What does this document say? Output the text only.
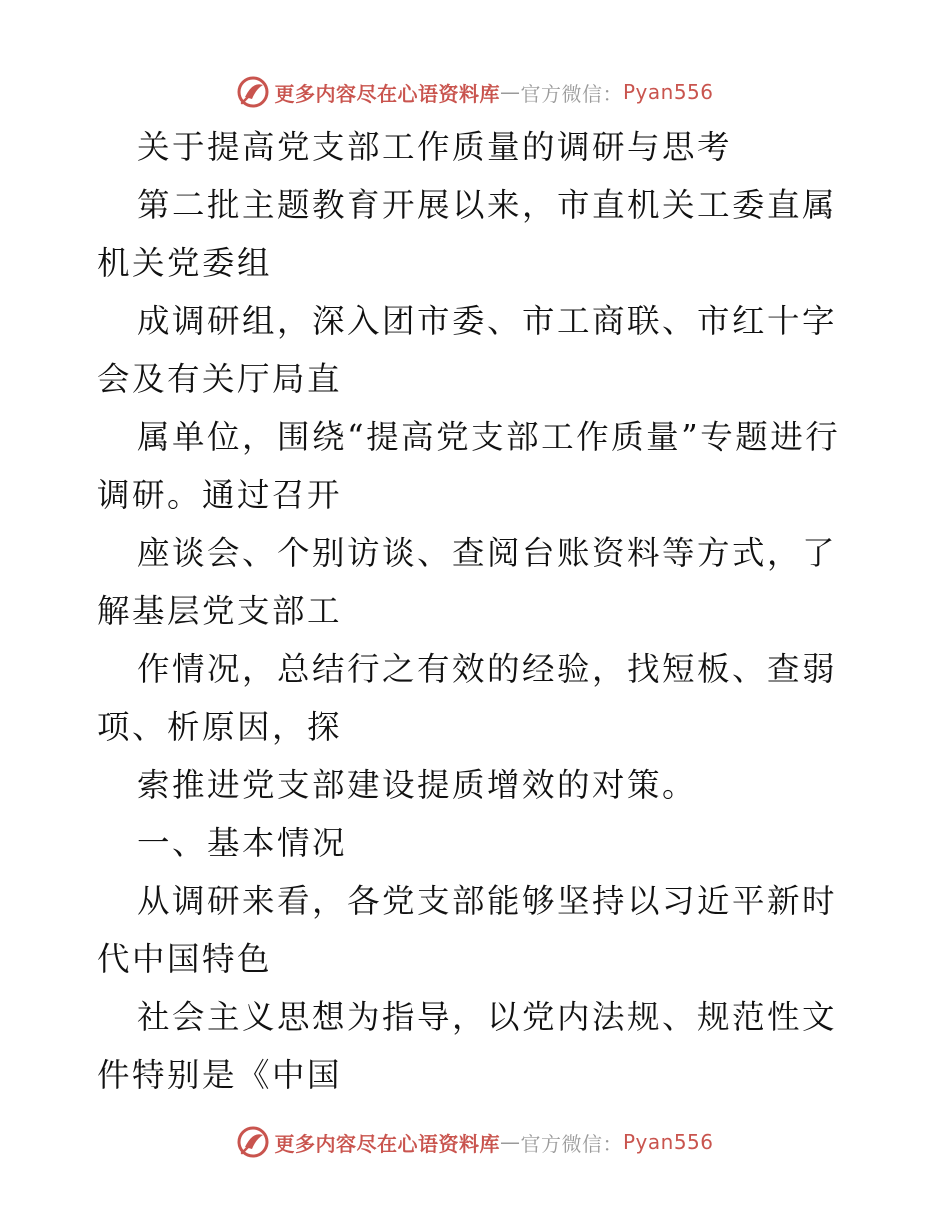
更多内容尽在心语资料库 — 官方微信： Pyan556

关于提高党支部工作质量的调研与思考

第二批主题教育开展以来，市直机关工委直属机关党委组

成调研组，深入团市委、市工商联、市红十字会及有关厅局直

属单位，围绕“提高党支部工作质量”专题进行调研。通过召开

座谈会、个别访谈、查阅台账资料等方式，了解基层党支部工

作情况，总结行之有效的经验，找短板、查弱项、析原因，探

索推进党支部建设提质增效的对策。

一、基本情况

从调研来看，各党支部能够坚持以习近平新时代中国特色

社会主义思想为指导，以党内法规、规范性文件特别是《中国

更多内容尽在心语资料库 — 官方微信： Pyan556
